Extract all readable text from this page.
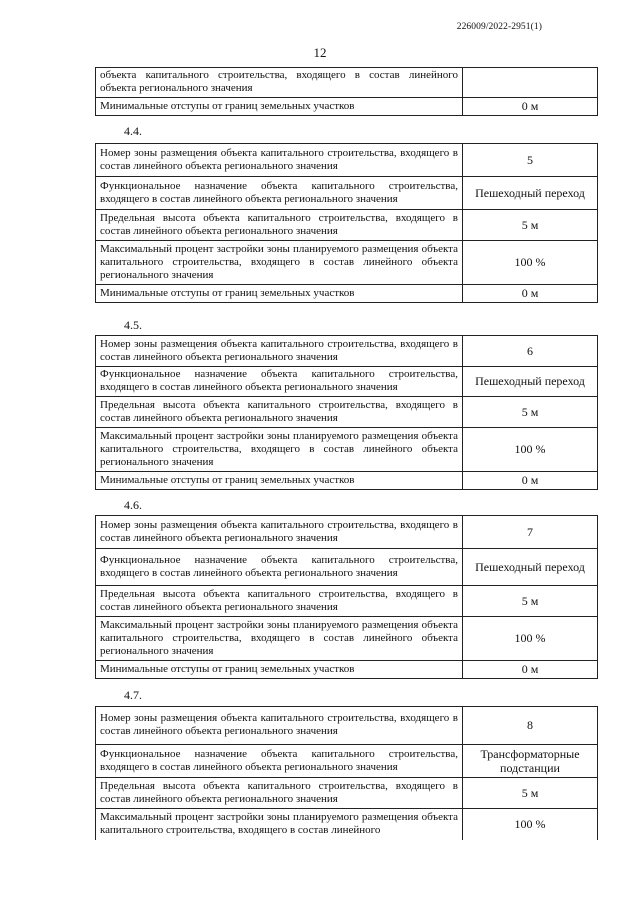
226009/2022-2951(1)
12
объекта капитального строительства, входящего в состав линейного объекта регионального значения	
Минимальные отступы от границ земельных участков	0 м
4.4.
Номер зоны размещения объекта капитального строительства, входящего в состав линейного объекта регионального значения	5
Функциональное назначение объекта капитального строительства, входящего в состав линейного объекта регионального значения	Пешеходный переход
Предельная высота объекта капитального строительства, входящего в состав линейного объекта регионального значения	5 м
Максимальный процент застройки зоны планируемого размещения объекта капитального строительства, входящего в состав линейного объекта регионального значения	100 %
Минимальные отступы от границ земельных участков	0 м
4.5.
Номер зоны размещения объекта капитального строительства, входящего в состав линейного объекта регионального значения	6
Функциональное назначение объекта капитального строительства, входящего в состав линейного объекта регионального значения	Пешеходный переход
Предельная высота объекта капитального строительства, входящего в состав линейного объекта регионального значения	5 м
Максимальный процент застройки зоны планируемого размещения объекта капитального строительства, входящего в состав линейного объекта регионального значения	100 %
Минимальные отступы от границ земельных участков	0 м
4.6.
Номер зоны размещения объекта капитального строительства, входящего в состав линейного объекта регионального значения	7
Функциональное назначение объекта капитального строительства, входящего в состав линейного объекта регионального значения	Пешеходный переход
Предельная высота объекта капитального строительства, входящего в состав линейного объекта регионального значения	5 м
Максимальный процент застройки зоны планируемого размещения объекта капитального строительства, входящего в состав линейного объекта регионального значения	100 %
Минимальные отступы от границ земельных участков	0 м
4.7.
Номер зоны размещения объекта капитального строительства, входящего в состав линейного объекта регионального значения	8
Функциональное назначение объекта капитального строительства, входящего в состав линейного объекта регионального значения	Трансформаторные подстанции
Предельная высота объекта капитального строительства, входящего в состав линейного объекта регионального значения	5 м
Максимальный процент застройки зоны планируемого размещения объекта капитального строительства, входящего в состав линейного	100 %
